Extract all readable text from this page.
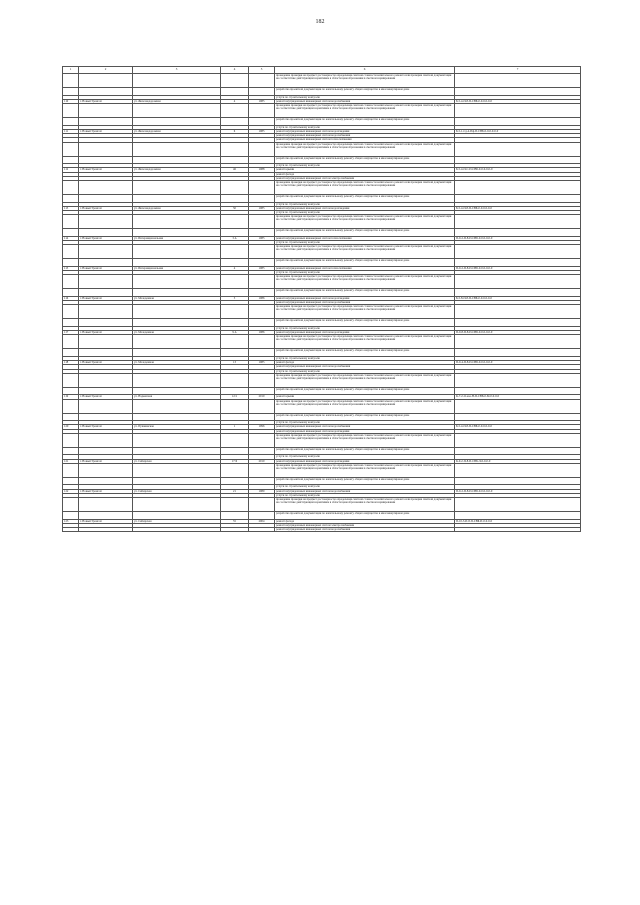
182
1	2	3	4	5	6	7
					проведение проверки на предмет достоверности определения сметной стоимости капитального ремонта или проверки сметной документации на соответствие действующим нормативам в области ценообразования в сметном нормировании	
					разработка проектной документации по капитальному ремонту общего имущества в многоквартирном доме	
					услуги по строительному контролю	
110	г. Новый Уренгой	ул. Железнодорожная	4	1985	ремонт внутридомовых инженерных систем водоснабжения	Б-5-4-П-8-П-СВБ-0-0-0-0-0-0
					проведение проверки на предмет достоверности определения сметной стоимости капитального ремонта или проверки сметной документации на соответствие действующим нормативам в области ценообразования в сметном нормировании	
					разработка проектной документации по капитальному ремонту общего имущества в многоквартирном доме	
					услуги по строительному контролю	
111	г. Новый Уренгой	ул. Железнодорожная	6	1985	ремонт внутридомовых инженерных систем водоотведения	Б-5-1-Сд-4-Пф-П-СВБ-0-0-0-0-0-0
					ремонт внутридомовых инженерных систем водоснабжения	
					ремонт внутридомовых инженерных систем теплоснабжения	
					проведение проверки на предмет достоверности определения сметной стоимости капитального ремонта или проверки сметной документации на соответствие действующим нормативам в области ценообразования в сметном нормировании	
					разработка проектной документации по капитальному ремонту общего имущества в многоквартирном доме	
					услуги по строительному контролю	
112	г. Новый Уренгой	ул. Железнодорожная	46	1988	ремонт крыши	Б-5-4-П-С-П-СВБ-0-0-0-0-0-0
					ремонт фасада	
					ремонт внутридомовых инженерных систем электроснабжения	
					проведение проверки на предмет достоверности определения сметной стоимости капитального ремонта или проверки сметной документации на соответствие действующим нормативам в области ценообразования в сметном нормировании	
					разработка проектной документации по капитальному ремонту общего имущества в многоквартирном доме	
					услуги по строительному контролю	
113	г. Новый Уренгой	ул. Железнодорожная	50	1985	ремонт внутридомовых инженерных систем водоотведения	Б-5-4-П-8-П-СВБ-0-0-0-0-0-0
					услуги по строительному контролю	
					проведение проверки на предмет достоверности определения сметной стоимости капитального ремонта или проверки сметной документации на соответствие действующим нормативам в области ценообразования в сметном нормировании	
					разработка проектной документации по капитальному ремонту общего имущества в многоквартирном доме	
114	г. Новый Уренгой	ул. Интернациональная	3 А	1985	ремонт внутридомовых инженерных систем теплоснабжения	П-9-2-П-8-П-СВБ-0-0-0-0-0-0
					услуги по строительному контролю	
					проведение проверки на предмет достоверности определения сметной стоимости капитального ремонта или проверки сметной документации на соответствие действующим нормативам в области ценообразования в сметном нормировании	
					разработка проектной документации по капитальному ремонту общего имущества в многоквартирном доме	
115	г. Новый Уренгой	ул. Интернациональная	4	1985	ремонт внутридомовых инженерных систем теплоснабжения	П-9-2-П-8-П-СВБ-0-0-0-0-0-0
					услуги по строительному контролю	
					проведение проверки на предмет достоверности определения сметной стоимости капитального ремонта или проверки сметной документации на соответствие действующим нормативам в области ценообразования в сметном нормировании	
					разработка проектной документации по капитальному ремонту общего имущества в многоквартирном доме	
116	г. Новый Уренгой	ул. Молодежная	5	1986	ремонт внутридомовых инженерных систем водоотведения	Б-5-8-П-8-П-СВБ-0-0-0-0-0-0
					ремонт внутридомовых инженерных систем водоснабжения	
					проведение проверки на предмет достоверности определения сметной стоимости капитального ремонта или проверки сметной документации на соответствие действующим нормативам в области ценообразования в сметном нормировании	
					разработка проектной документации по капитальному ремонту общего имущества в многоквартирном доме	
					услуги по строительному контролю	
117	г. Новый Уренгой	ул. Молодежная	9 А	1986	ремонт внутридомовых инженерных систем водоотведения	П-9-8-П-8-П-СВБ-0-0-0-0-0-0
					проведение проверки на предмет достоверности определения сметной стоимости капитального ремонта или проверки сметной документации на соответствие действующим нормативам в области ценообразования в сметном нормировании	
					разработка проектной документации по капитальному ремонту общего имущества в многоквартирном доме	
					услуги по строительному контролю	
118	г. Новый Уренгой	ул. Молодежная	13	1985	ремонт фасада	П-9-4-П-8-П-СВБ-0-0-0-0-0-0
					ремонт внутридомовых инженерных систем водоснабжения	
					услуги по строительному контролю	
					проведение проверки на предмет достоверности определения сметной стоимости капитального ремонта или проверки сметной документации на соответствие действующим нормативам в области ценообразования в сметном нормировании	
					разработка проектной документации по капитальному ремонту общего имущества в многоквартирном доме	
119	г. Новый Уренгой	ул. Надымская	12/1	2010	ремонт крыши	К-7-2-О-м-в-Н-П-СВБ-0-М-0-0-0-0
					проведение проверки на предмет достоверности определения сметной стоимости капитального ремонта или проверки сметной документации на соответствие действующим нормативам в области ценообразования в сметном нормировании	
					разработка проектной документации по капитальному ремонту общего имущества в многоквартирном доме	
					услуги по строительному контролю	
120	г. Новый Уренгой	ул. Пушкинская	1	1996	ремонт внутридомовых инженерных систем водоснабжения	Б-5-4-П-8-П-СВБ-0-0-0-0-0-0
					ремонт внутридомовых инженерных систем водоотведения	
					проведение проверки на предмет достоверности определения сметной стоимости капитального ремонта или проверки сметной документации на соответствие действующим нормативам в области ценообразования в сметном нормировании	
					разработка проектной документации по капитальному ремонту общего имущества в многоквартирном доме	
					услуги по строительному контролю	
121	г. Новый Уренгой	ул. Сибирская	17 Б	2010	ремонт внутридомовых инженерных систем водоотведения	К-9-2-П-8-П-СВБ-Л-0-0-0-0
					проведение проверки на предмет достоверности определения сметной стоимости капитального ремонта или проверки сметной документации на соответствие действующим нормативам в области ценообразования в сметном нормировании	
					разработка проектной документации по капитальному ремонту общего имущества в многоквартирном доме	
					услуги по строительному контролю	
122	г. Новый Уренгой	ул. Сибирская	21	1989	ремонт внутридомовых инженерных систем водоснабжения	П-9-2-П-8-П-СВБ-0-0-0-0-0-0
					услуги по строительному контролю	
					проведение проверки на предмет достоверности определения сметной стоимости капитального ремонта или проверки сметной документации на соответствие действующим нормативам в области ценообразования в сметном нормировании	
					разработка проектной документации по капитальному ремонту общего имущества в многоквартирном доме	
123	г. Новый Уренгой	ул. Сибирская	55	2004	ремонт фасада	П-10-3-П-8-П-СВБ-П-0-0-0-0
					ремонт внутридомовых инженерных систем электроснабжения	
					ремонт внутридомовых инженерных систем водоснабжения	
